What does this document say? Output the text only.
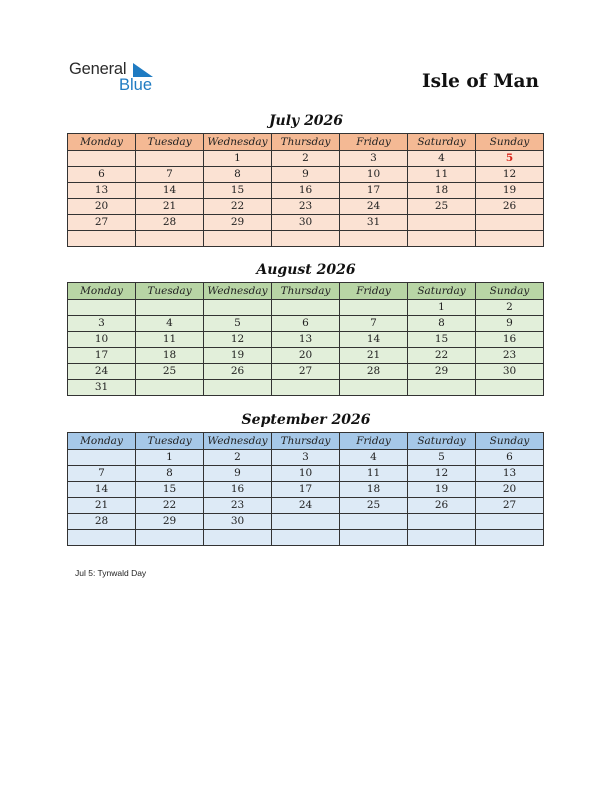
General
Blue	Isle of Man
July 2026
Monday	Tuesday	Wednesday	Thursday	Friday	Saturday	Sunday
		1	2	3	4	5
6	7	8	9	10	11	12
13	14	15	16	17	18	19
20	21	22	23	24	25	26
27	28	29	30	31		

August 2026
Monday	Tuesday	Wednesday	Thursday	Friday	Saturday	Sunday
					1	2
3	4	5	6	7	8	9
10	11	12	13	14	15	16
17	18	19	20	21	22	23
24	25	26	27	28	29	30
31						
September 2026
Monday	Tuesday	Wednesday	Thursday	Friday	Saturday	Sunday
	1	2	3	4	5	6
7	8	9	10	11	12	13
14	15	16	17	18	19	20
21	22	23	24	25	26	27
28	29	30				

Jul 5: Tynwald Day
